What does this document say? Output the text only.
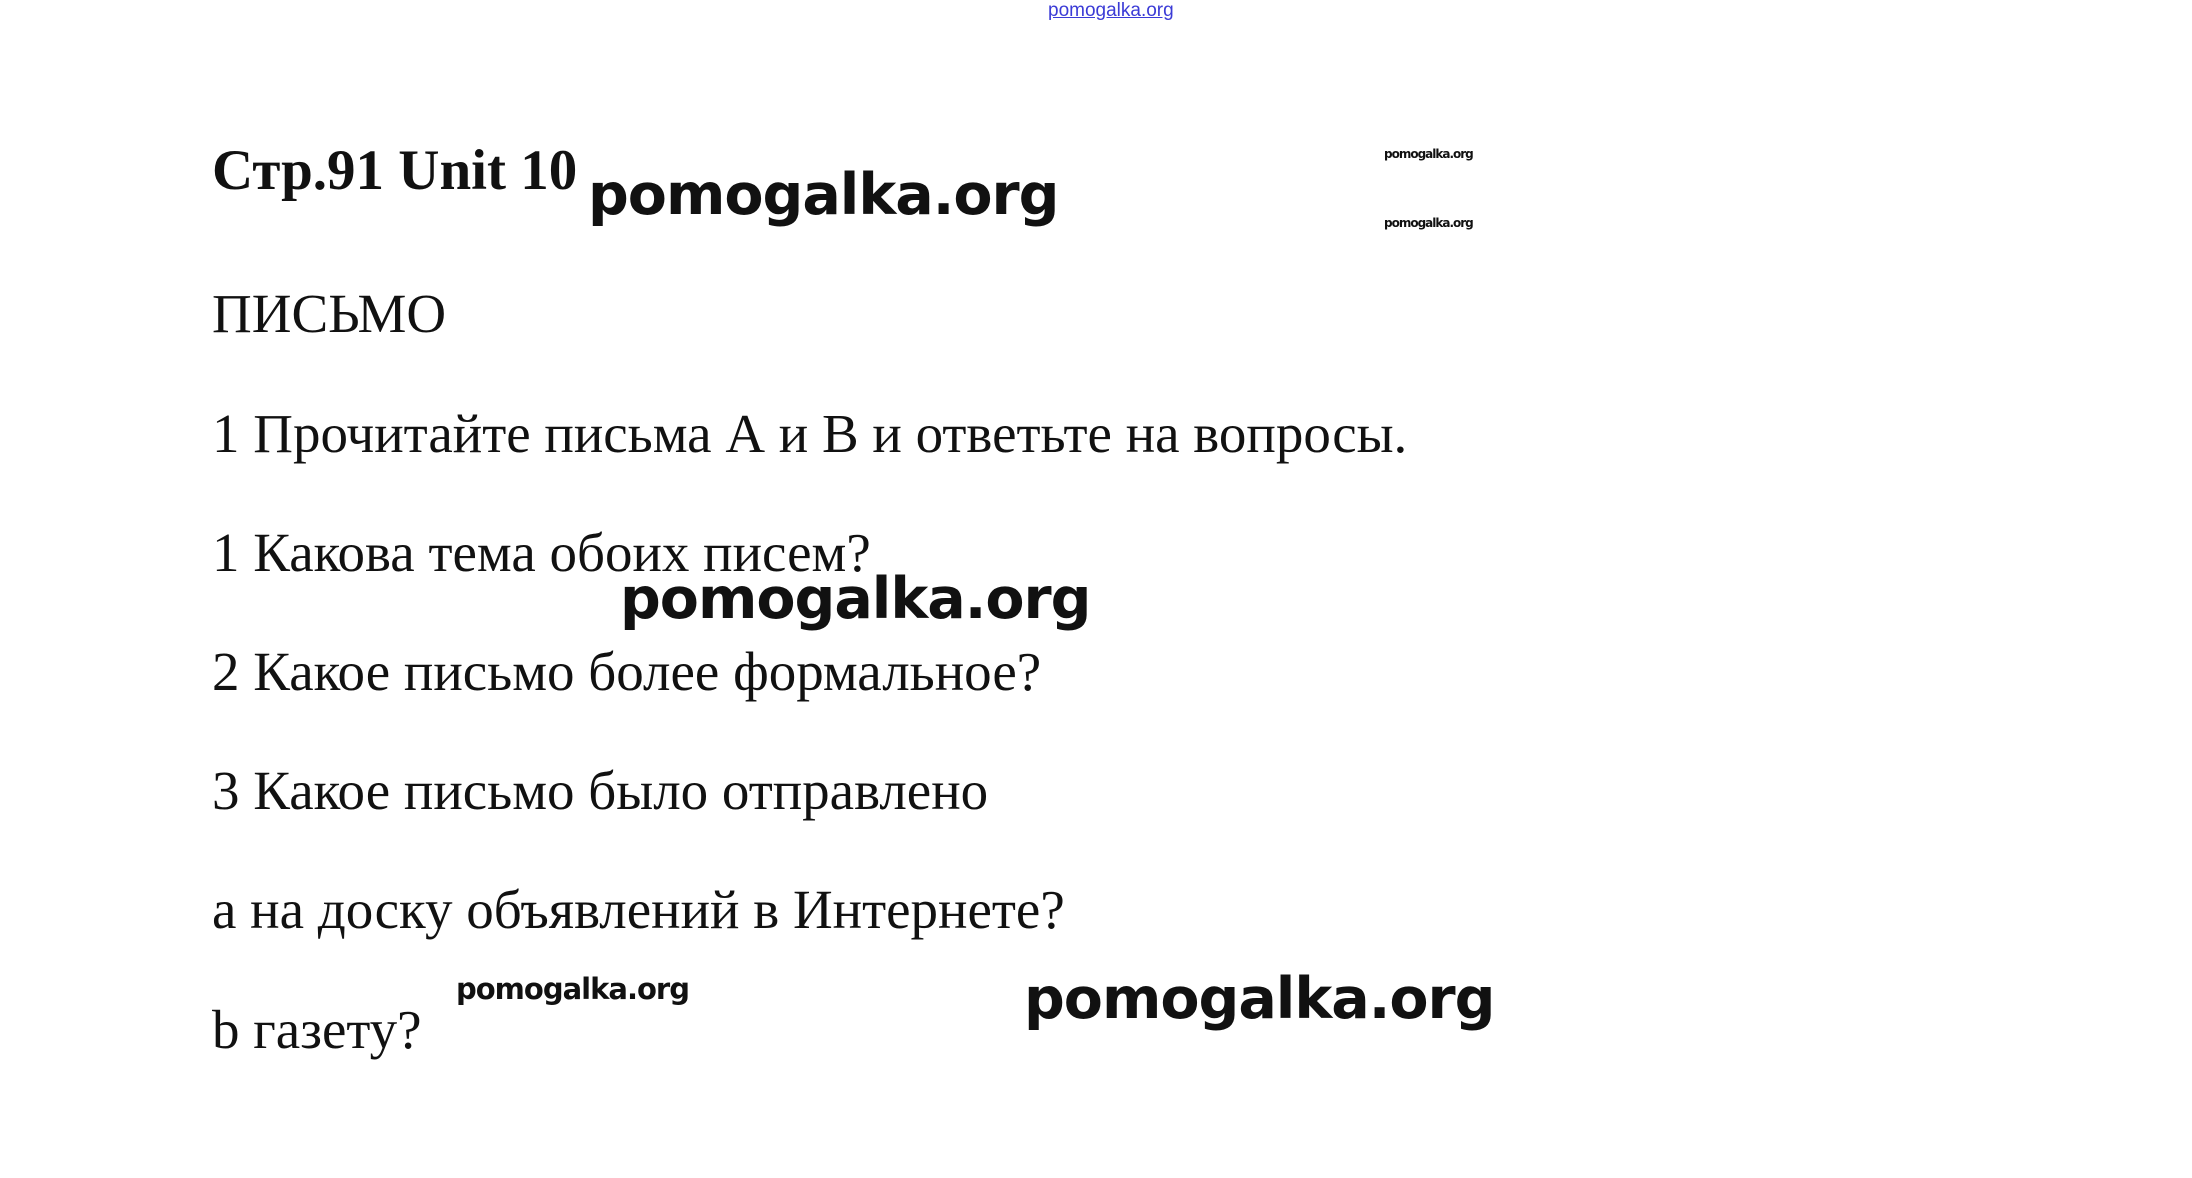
pomogalka.org
Стр.91 Unit 10
ПИСЬМО
1 Прочитайте письма А и В и ответьте на вопросы.
1 Какова тема обоих писем?
2 Какое письмо более формальное?
3 Какое письмо было отправлено
a на доску объявлений в Интернете?
b газету?
pomogalka.org
pomogalka.org
pomogalka.org
pomogalka.org
pomogalka.org
pomogalka.org
